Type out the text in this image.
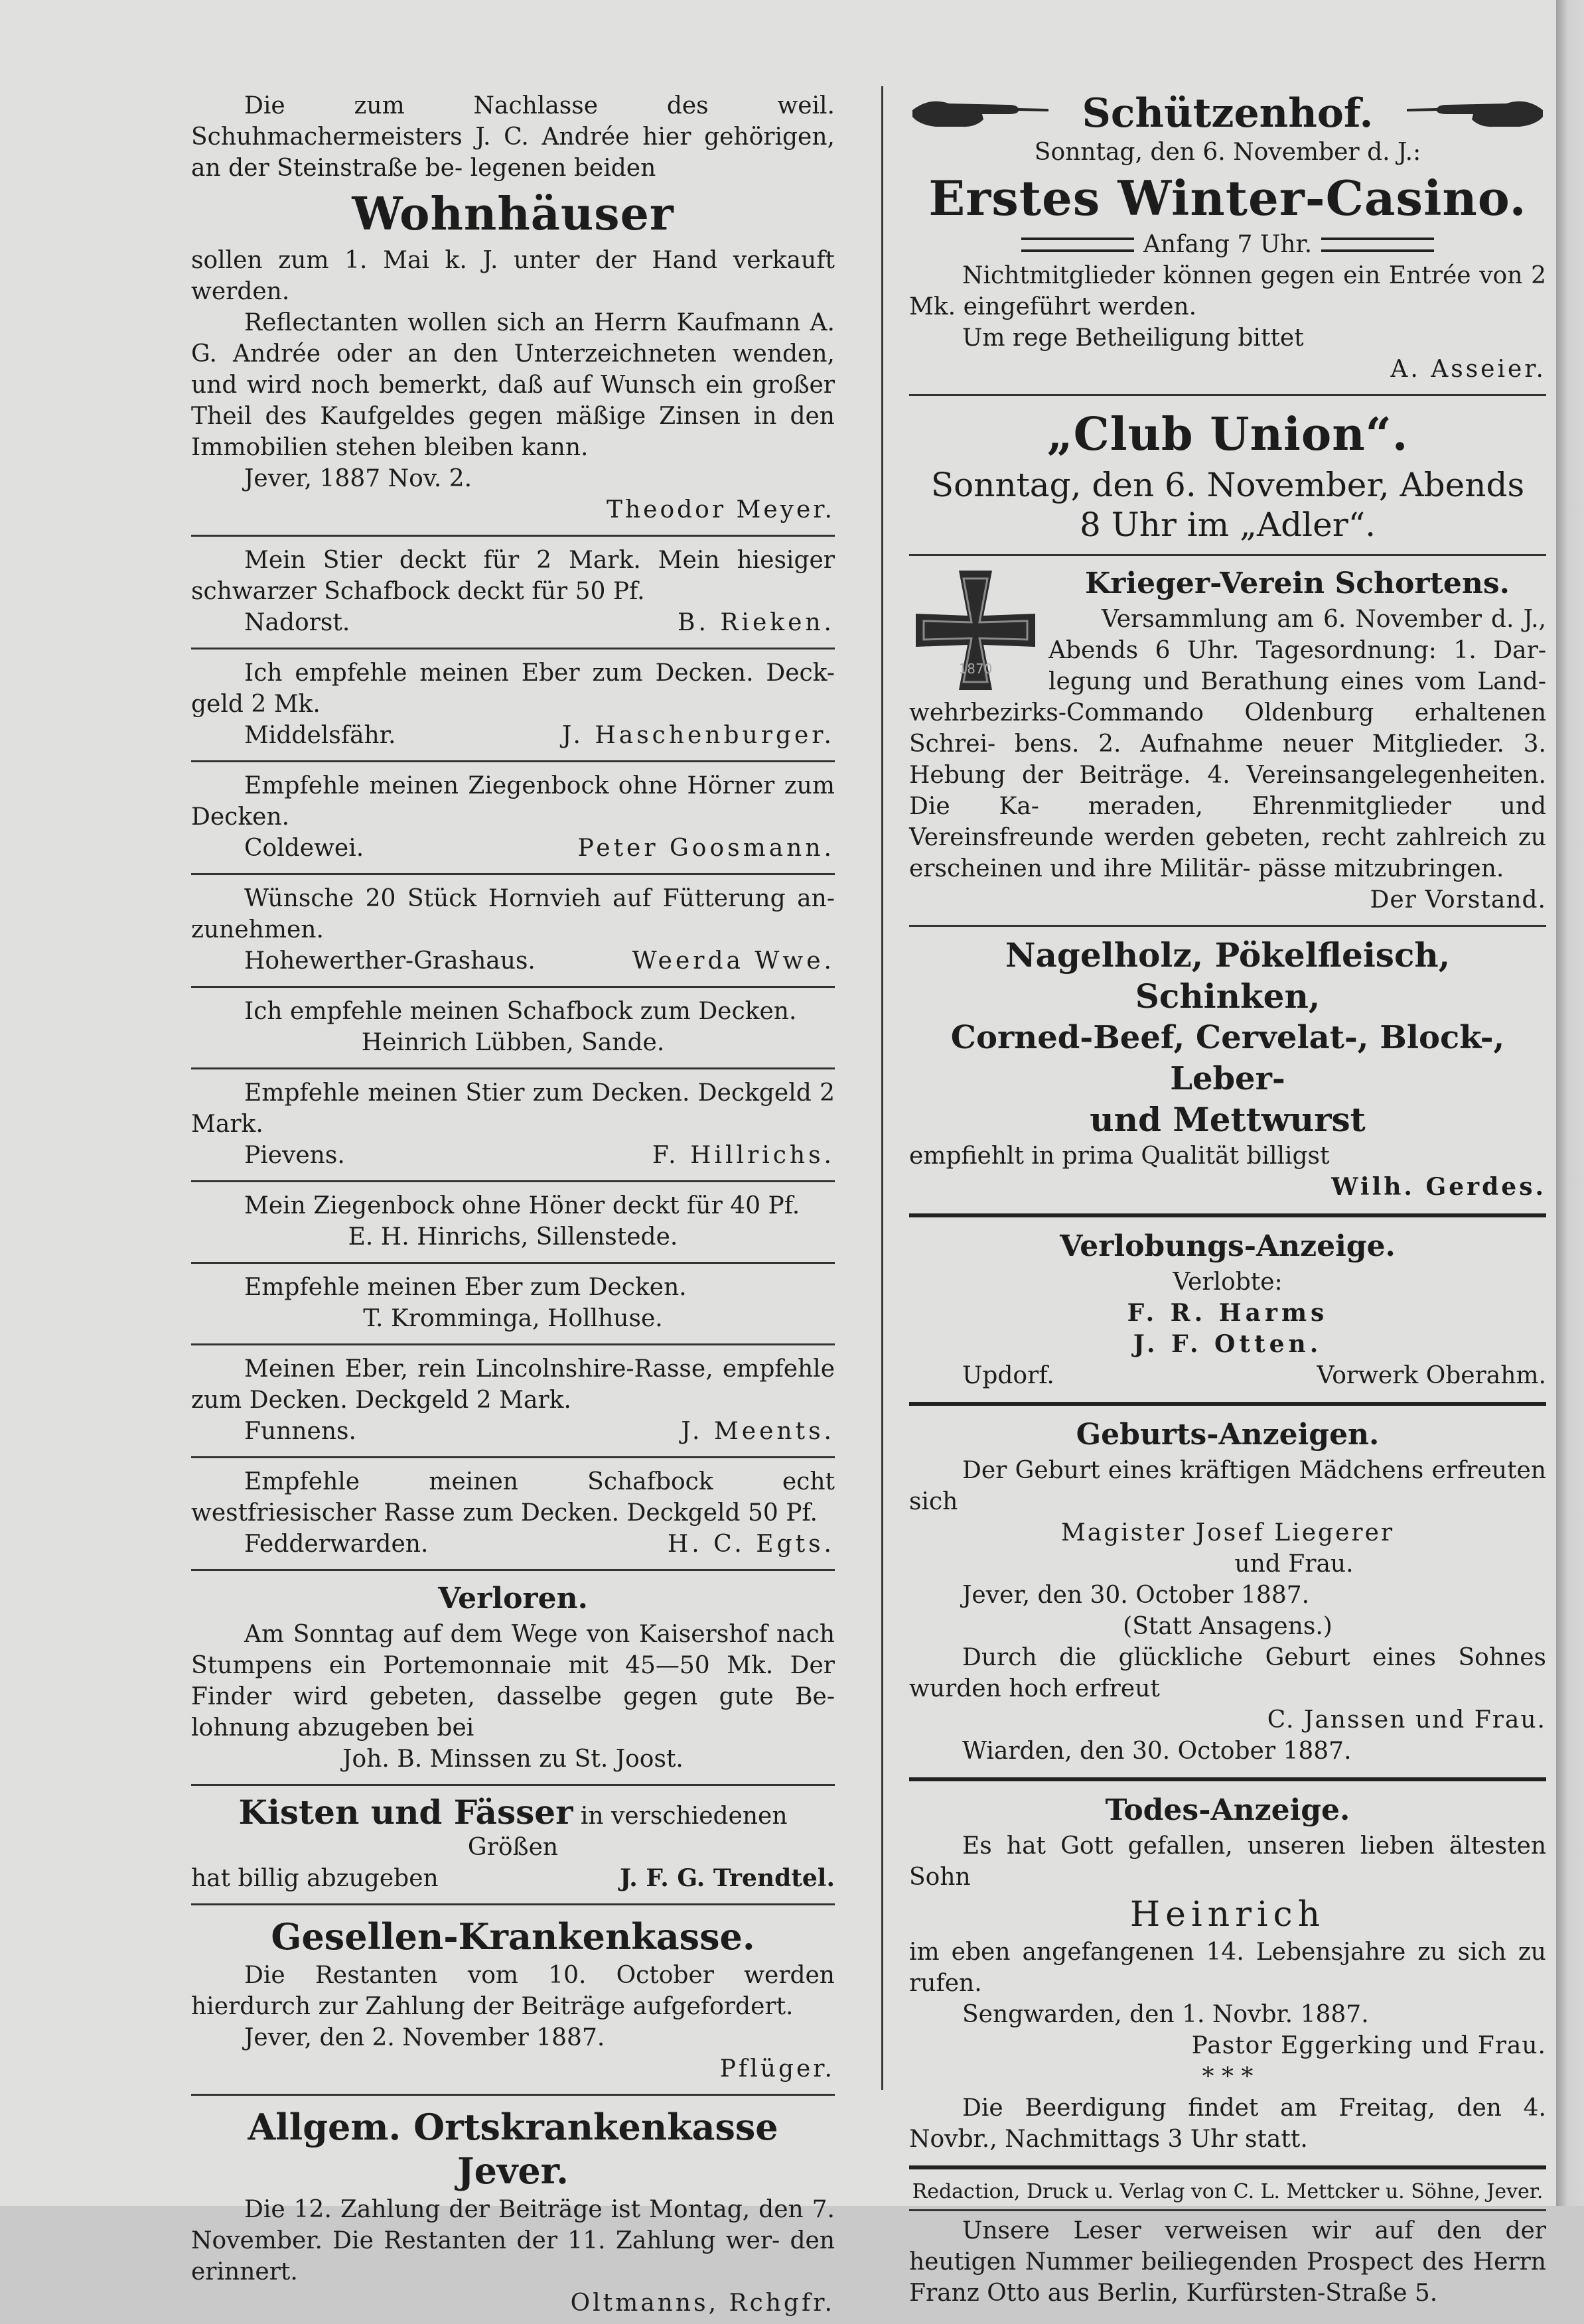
Die zum Nachlasse des weil. Schuhmachermeisters J. C. Andrée hier gehörigen, an der Steinstraße be- legenen beiden

Wohnhäuser

sollen zum 1. Mai k. J. unter der Hand verkauft werden.

Reflectanten wollen sich an Herrn Kaufmann A. G. Andrée oder an den Unterzeichneten wenden, und wird noch bemerkt, daß auf Wunsch ein großer Theil des Kaufgeldes gegen mäßige Zinsen in den Immobilien stehen bleiben kann.

Jever, 1887 Nov. 2.

Theodor Meyer.

Mein Stier deckt für 2 Mark. Mein hiesiger schwarzer Schafbock deckt für 50 Pf.

Nadorst.	B. Rieken.

Ich empfehle meinen Eber zum Decken. Deck- geld 2 Mk.

Middelsfähr.	J. Haschenburger.

Empfehle meinen Ziegenbock ohne Hörner zum Decken.

Coldewei.	Peter Goosmann.

Wünsche 20 Stück Hornvieh auf Fütterung an- zunehmen.

Hohewerther-Grashaus.	Weerda Wwe.

Ich empfehle meinen Schafbock zum Decken.

Heinrich Lübben, Sande.

Empfehle meinen Stier zum Decken. Deckgeld 2 Mark.

Pievens.	F. Hillrichs.

Mein Ziegenbock ohne Höner deckt für 40 Pf.

E. H. Hinrichs, Sillenstede.

Empfehle meinen Eber zum Decken.

T. Kromminga, Hollhuse.

Meinen Eber, rein Lincolnshire-Rasse, empfehle zum Decken. Deckgeld 2 Mark.

Funnens.	J. Meents.

Empfehle meinen Schafbock echt westfriesischer Rasse zum Decken. Deckgeld 50 Pf.

Fedderwarden.	H. C. Egts.
Verloren.

Am Sonntag auf dem Wege von Kaisershof nach Stumpens ein Portemonnaie mit 45—50 Mk. Der Finder wird gebeten, dasselbe gegen gute Be- lohnung abzugeben bei

Joh. B. Minssen zu St. Joost.
Kisten und Fässer in verschiedenen Größen
hat billig abzugeben	J. F. G. Trendtel.
Gesellen-Krankenkasse.

Die Restanten vom 10. October werden hierdurch zur Zahlung der Beiträge aufgefordert.

Jever, den 2. November 1887.

Pflüger.
Allgem. Ortskrankenkasse Jever.

Die 12. Zahlung der Beiträge ist Montag, den 7. November. Die Restanten der 11. Zahlung wer- den erinnert.

Oltmanns, Rchgfr.
Schützenhof.
Sonntag, den 6. November d. J.:
Erstes Winter-Casino.
Anfang 7 Uhr.

Nichtmitglieder können gegen ein Entrée von 2 Mk. eingeführt werden.

Um rege Betheiligung bittet

A. Asseier.
„Club Union“.
Sonntag, den 6. November, Abends
8 Uhr im „Adler“.
1870
Krieger-Verein Schortens.

Versammlung am 6. November d. J., Abends 6 Uhr. Tagesordnung: 1. Dar- legung und Berathung eines vom Land- wehrbezirks-Commando Oldenburg erhaltenen Schrei- bens. 2. Aufnahme neuer Mitglieder. 3. Hebung der Beiträge. 4. Vereinsangelegenheiten. Die Ka- meraden, Ehrenmitglieder und Vereinsfreunde werden gebeten, recht zahlreich zu erscheinen und ihre Militär- pässe mitzubringen.

Der Vorstand.
Nagelholz, Pökelfleisch, Schinken,
Corned-Beef, Cervelat-, Block-, Leber-
und Mettwurst

empfiehlt in prima Qualität billigst

Wilh. Gerdes.
Verlobungs-Anzeige.
Verlobte:
F. R. Harms
J. F. Otten.
Updorf.	Vorwerk Oberahm.
Geburts-Anzeigen.

Der Geburt eines kräftigen Mädchens erfreuten sich

Magister Josef Liegerer
und Frau.

Jever, den 30. October 1887.

(Statt Ansagens.)

Durch die glückliche Geburt eines Sohnes wurden hoch erfreut

C. Janssen und Frau.

Wiarden, den 30. October 1887.

Todes-Anzeige.

Es hat Gott gefallen, unseren lieben ältesten Sohn

Heinrich

im eben angefangenen 14. Lebensjahre zu sich zu rufen.

Sengwarden, den 1. Novbr. 1887.

Pastor Eggerking und Frau.
* * *

Die Beerdigung findet am Freitag, den 4. Novbr., Nachmittags 3 Uhr statt.

Redaction, Druck u. Verlag von C. L. Mettcker u. Söhne, Jever.

Unsere Leser verweisen wir auf den der heutigen Nummer beiliegenden Prospect des Herrn Franz Otto aus Berlin, Kurfürsten-Straße 5.
